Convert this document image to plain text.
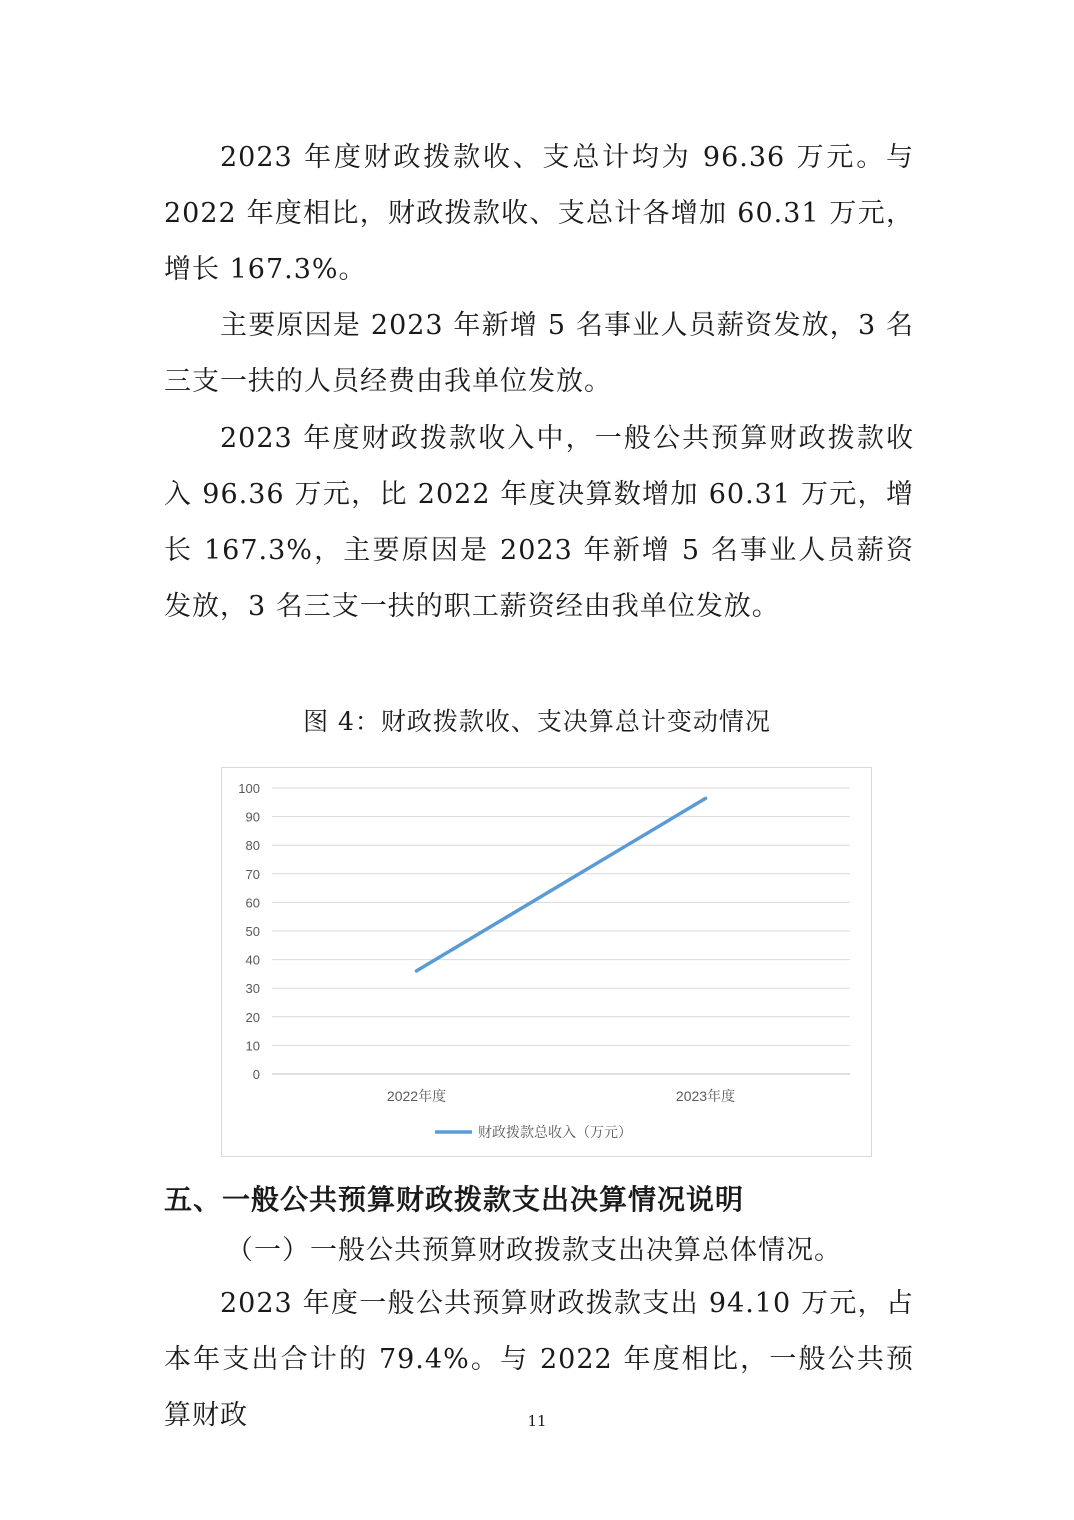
2023 年度财政拨款收、支总计均为 96.36 万元。与 2022 年度相比，财政拨款收、支总计各增加 60.31 万元，增长 167.3%。

主要原因是 2023 年新增 5 名事业人员薪资发放，3 名三支一扶的人员经费由我单位发放。

2023 年度财政拨款收入中，一般公共预算财政拨款收入 96.36 万元，比 2022 年度决算数增加 60.31 万元，增长 167.3%，主要原因是 2023 年新增 5 名事业人员薪资发放，3 名三支一扶的职工薪资经由我单位发放。

图 4：财政拨款收、支决算总计变动情况

0
10
20
30
40
50
60
70
80
90
100
2022年度	2023年度
财政拨款总收入（万元）

五、一般公共预算财政拨款支出决算情况说明

（一）一般公共预算财政拨款支出决算总体情况。

2023 年度一般公共预算财政拨款支出 94.10 万元，占本年支出合计的 79.4%。与 2022 年度相比，一般公共预算财政	11
